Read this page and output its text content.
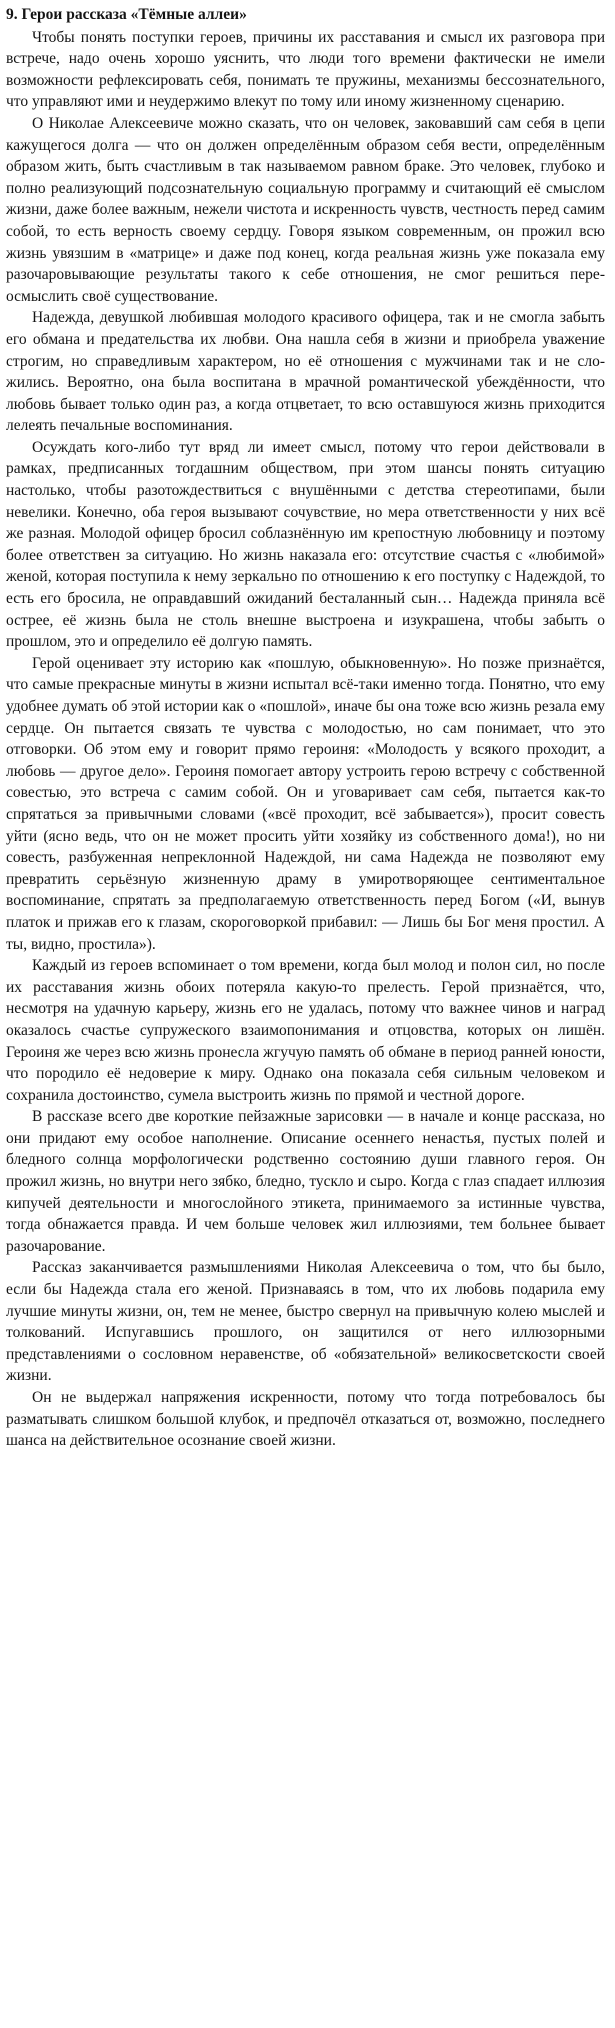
9. Герои рассказа «Тёмные аллеи»

Чтобы понять поступки героев, причины их расставания и смысл их разговора при встрече, надо очень хорошо уяснить, что люди того времени фактически не имели возможности рефлексировать себя, понимать те пружины, механизмы бессознательного, что управляют ими и неудержимо влекут по тому или иному жизненному сценарию.

О Николае Алексеевиче можно сказать, что он человек, заковавший сам себя в цепи кажущегося долга — что он должен определённым образом себя вести, определённым образом жить, быть счастливым в так называемом равном браке. Это человек, глубоко и полно реализующий подсознательную социальную программу и считающий её смыслом жизни, даже более важным, нежели чистота и искренность чувств, честность перед самим собой, то есть верность своему сердцу. Говоря языком современным, он прожил всю жизнь увязшим в «матрице» и даже под конец, когда реальная жизнь уже показала ему разочаровывающие результаты такого к себе отношения, не смог решиться переосмыслить своё существование.

Надежда, девушкой любившая молодого красивого офицера, так и не смогла забыть его обмана и предательства их любви. Она нашла себя в жизни и приобрела уважение строгим, но справедливым характером, но её отношения с мужчинами так и не сложились. Вероятно, она была воспитана в мрачной романтической убеждённости, что любовь бывает только один раз, а когда отцветает, то всю оставшуюся жизнь приходится лелеять печальные воспоминания.

Осуждать кого-либо тут вряд ли имеет смысл, потому что герои действовали в рамках, предписанных тогдашним обществом, при этом шансы понять ситуацию настолько, чтобы разотождествиться с внушёнными с детства стереотипами, были невелики. Конечно, оба героя вызывают сочувствие, но мера ответственности у них всё же разная. Молодой офицер бросил соблазнённую им крепостную любовницу и поэтому более ответствен за ситуацию. Но жизнь наказала его: отсутствие счастья с «любимой» женой, которая поступила к нему зеркально по отношению к его поступку с Надеждой, то есть его бросила, не оправдавший ожиданий бесталанный сын… Надежда приняла всё острее, её жизнь была не столь внешне выстроена и изукрашена, чтобы забыть о прошлом, это и определило её долгую память.

Герой оценивает эту историю как «пошлую, обыкновенную». Но позже признаётся, что самые прекрасные минуты в жизни испытал всё-таки именно тогда. Понятно, что ему удобнее думать об этой истории как о «пошлой», иначе бы она тоже всю жизнь резала ему сердце. Он пытается связать те чувства с молодостью, но сам понимает, что это отговорки. Об этом ему и говорит прямо героиня: «Молодость у всякого проходит, а любовь — другое дело». Героиня помогает автору устроить герою встречу с собственной совестью, это встреча с самим собой. Он и уговаривает сам себя, пытается как-то спрятаться за привычными словами («всё проходит, всё забывается»), просит совесть уйти (ясно ведь, что он не может просить уйти хозяйку из собственного дома!), но ни совесть, разбуженная непреклонной Надеждой, ни сама Надежда не позволяют ему превратить серьёзную жизненную драму в умиротворяющее сентиментальное воспоминание, спрятать за предполагаемую ответственность перед Богом («И, вынув платок и прижав его к глазам, скороговоркой прибавил: — Лишь бы Бог меня простил. А ты, видно, простила»).

Каждый из героев вспоминает о том времени, когда был молод и полон сил, но после их расставания жизнь обоих потеряла какую-то прелесть. Герой признаётся, что, несмотря на удачную карьеру, жизнь его не удалась, потому что важнее чинов и наград оказалось счастье супружеского взаимопонимания и отцовства, которых он лишён. Героиня же через всю жизнь пронесла жгучую память об обмане в период ранней юности, что породило её недоверие к миру. Однако она показала себя сильным человеком и сохранила достоинство, сумела выстроить жизнь по прямой и честной дороге.

В рассказе всего две короткие пейзажные зарисовки — в начале и конце рассказа, но они придают ему особое наполнение. Описание осеннего ненастья, пустых полей и бледного солнца морфологически родственно состоянию души главного героя. Он прожил жизнь, но внутри него зябко, бледно, тускло и сыро. Когда с глаз спадает иллюзия кипучей деятельности и многослойного этикета, принимаемого за истинные чувства, тогда обнажается правда. И чем больше человек жил иллюзиями, тем больнее бывает разочарование.

Рассказ заканчивается размышлениями Николая Алексеевича о том, что бы было, если бы Надежда стала его женой. Признаваясь в том, что их любовь подарила ему лучшие минуты жизни, он, тем не менее, быстро свернул на привычную колею мыслей и толкований. Испугавшись прошлого, он защитился от него иллюзорными представлениями о сословном неравенстве, об «обязательной» великосветскости своей жизни.

Он не выдержал напряжения искренности, потому что тогда потребовалось бы разматывать слишком большой клубок, и предпочёл отказаться от, возможно, последнего шанса на действительное осознание своей жизни.
